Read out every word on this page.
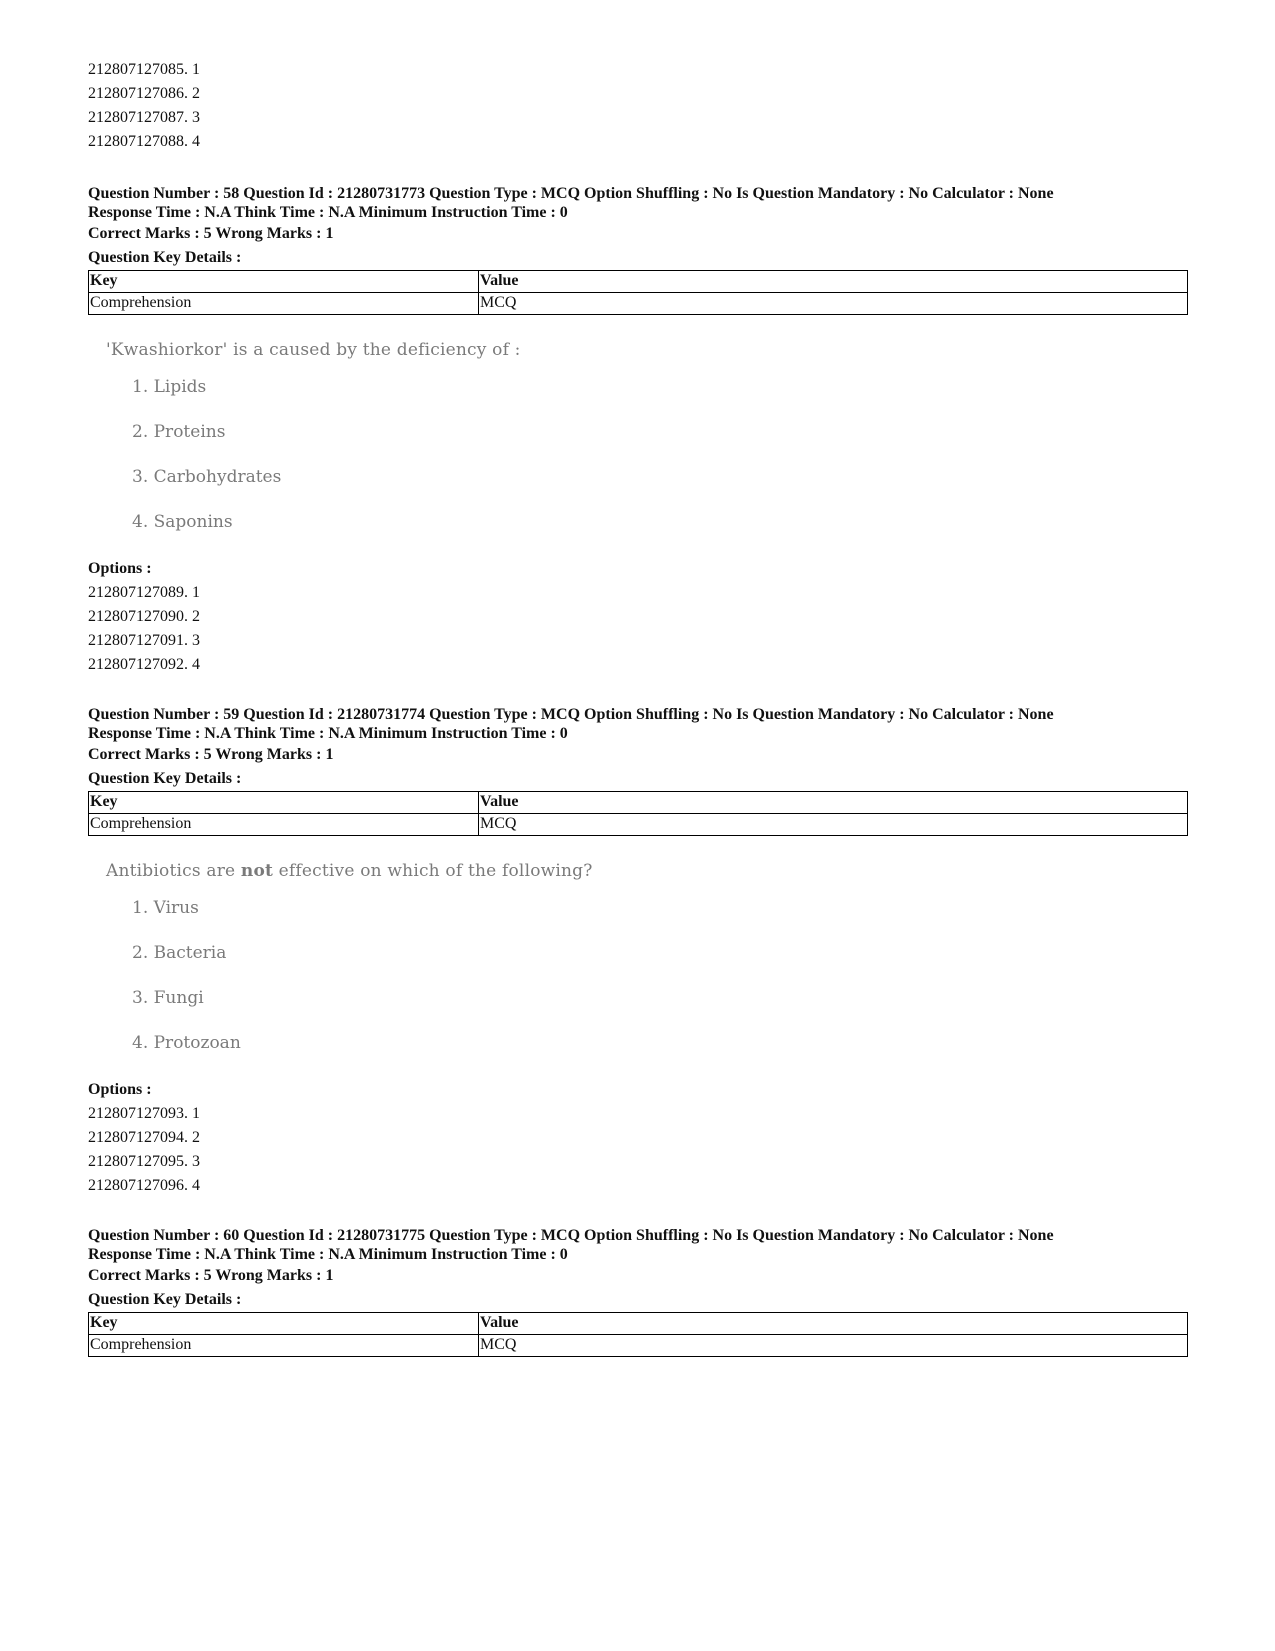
212807127085. 1
212807127086. 2
212807127087. 3
212807127088. 4
Question Number : 58 Question Id : 21280731773 Question Type : MCQ Option Shuffling : No Is Question Mandatory : No Calculator : None
Response Time : N.A Think Time : N.A Minimum Instruction Time : 0
Correct Marks : 5 Wrong Marks : 1
Question Key Details :
Key	Value
Comprehension	MCQ
'Kwashiorkor' is a caused by the deficiency of :
1. Lipids
2. Proteins
3. Carbohydrates
4. Saponins
Options :
212807127089. 1
212807127090. 2
212807127091. 3
212807127092. 4
Question Number : 59 Question Id : 21280731774 Question Type : MCQ Option Shuffling : No Is Question Mandatory : No Calculator : None
Response Time : N.A Think Time : N.A Minimum Instruction Time : 0
Correct Marks : 5 Wrong Marks : 1
Question Key Details :
Key	Value
Comprehension	MCQ
Antibiotics are not effective on which of the following?
1. Virus
2. Bacteria
3. Fungi
4. Protozoan
Options :
212807127093. 1
212807127094. 2
212807127095. 3
212807127096. 4
Question Number : 60 Question Id : 21280731775 Question Type : MCQ Option Shuffling : No Is Question Mandatory : No Calculator : None
Response Time : N.A Think Time : N.A Minimum Instruction Time : 0
Correct Marks : 5 Wrong Marks : 1
Question Key Details :
Key	Value
Comprehension	MCQ
